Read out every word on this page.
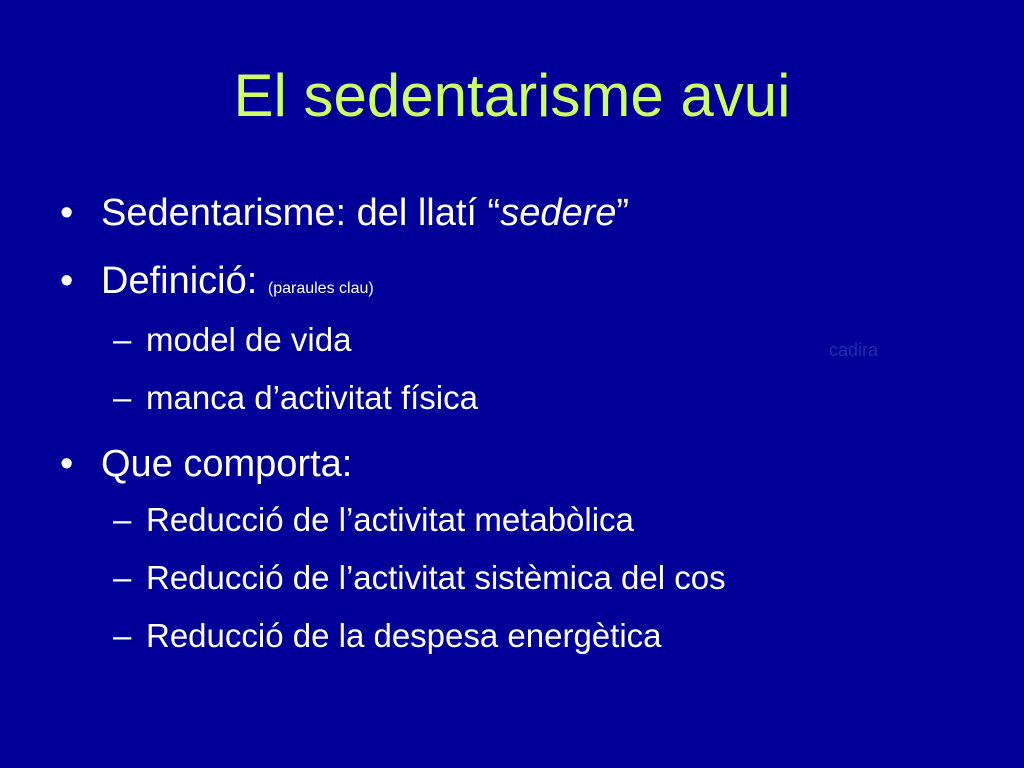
El sedentarisme avui
• Sedentarisme: del llatí “sedere”
• Definició: (paraules clau)
– model de vida
– manca d’activitat física
• Que comporta:
– Reducció de l’activitat metabòlica
– Reducció de l’activitat sistèmica del cos
– Reducció de la despesa energètica
cadira
